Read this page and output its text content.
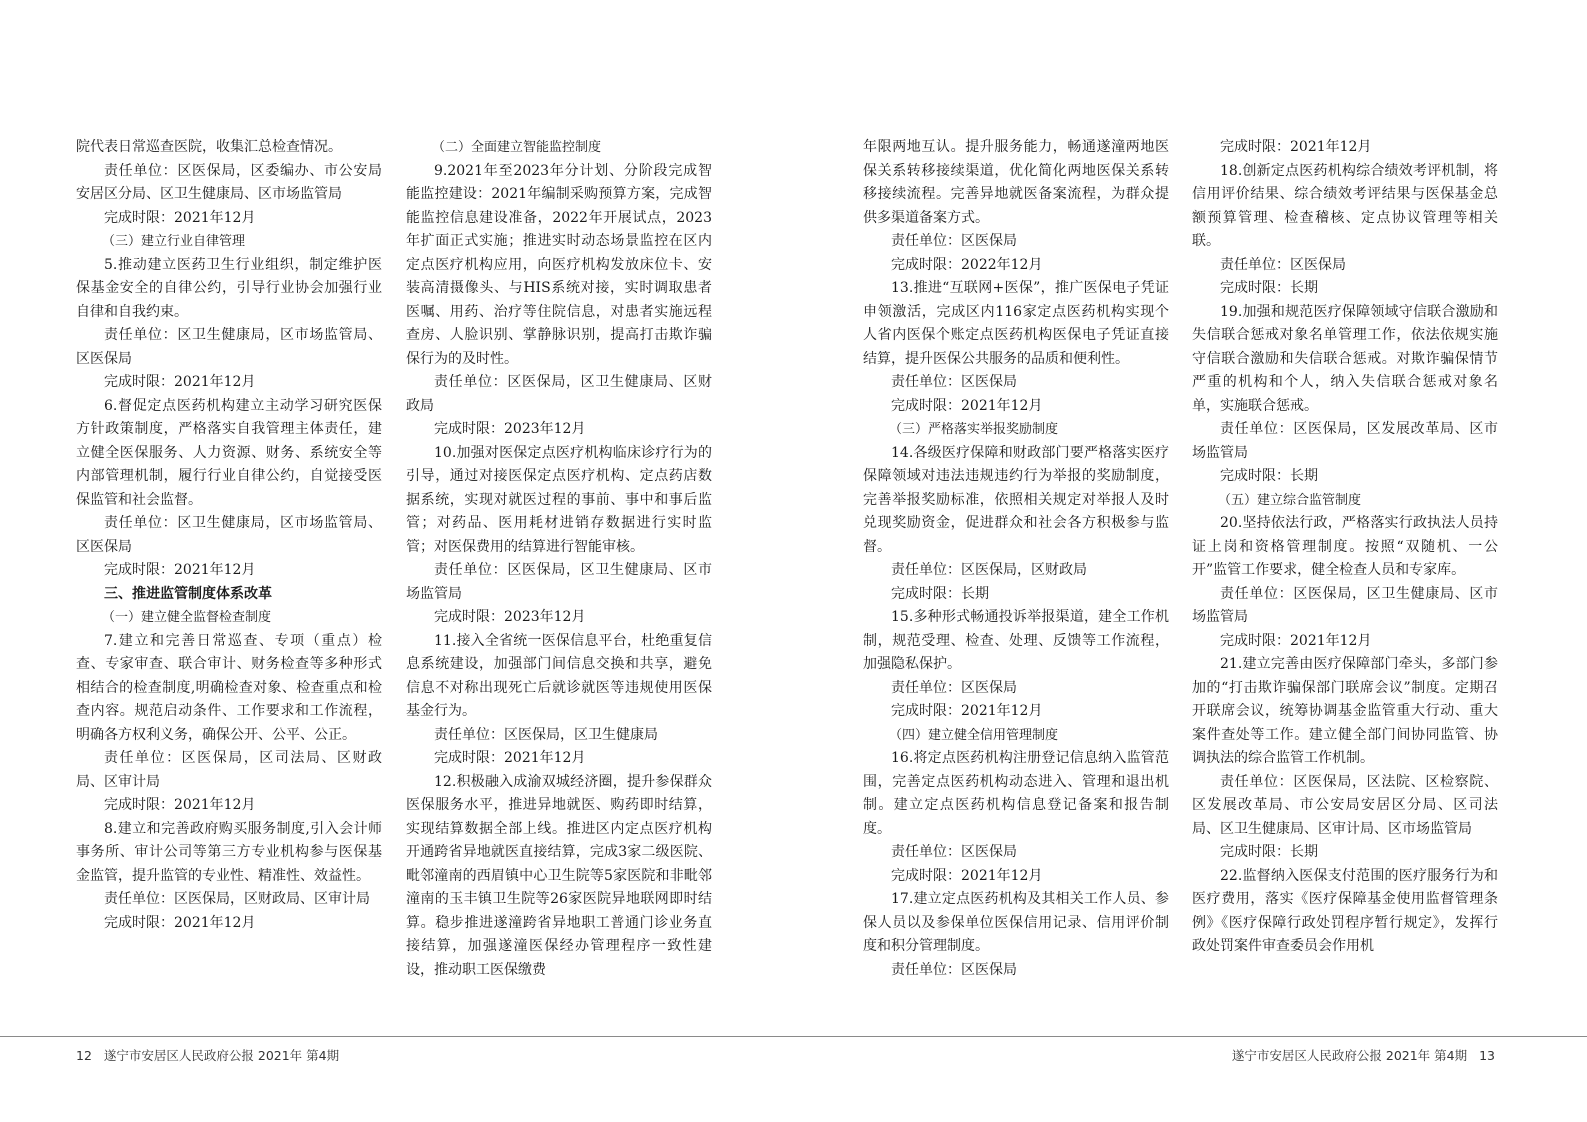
院代表日常巡查医院，收集汇总检查情况。

责任单位：区医保局，区委编办、市公安局安居区分局、区卫生健康局、区市场监管局

完成时限：2021年12月

（三）建立行业自律管理

5.推动建立医药卫生行业组织，制定维护医保基金安全的自律公约，引导行业协会加强行业自律和自我约束。

责任单位：区卫生健康局，区市场监管局、区医保局

完成时限：2021年12月

6.督促定点医药机构建立主动学习研究医保方针政策制度，严格落实自我管理主体责任，建立健全医保服务、人力资源、财务、系统安全等内部管理机制，履行行业自律公约，自觉接受医保监管和社会监督。

责任单位：区卫生健康局，区市场监管局、区医保局

完成时限：2021年12月

三、推进监管制度体系改革

（一）建立健全监督检查制度

7.建立和完善日常巡查、专项（重点）检查、专家审查、联合审计、财务检查等多种形式相结合的检查制度,明确检查对象、检查重点和检查内容。规范启动条件、工作要求和工作流程，明确各方权利义务，确保公开、公平、公正。

责任单位：区医保局，区司法局、区财政局、区审计局

完成时限：2021年12月

8.建立和完善政府购买服务制度,引入会计师事务所、审计公司等第三方专业机构参与医保基金监管，提升监管的专业性、精准性、效益性。

责任单位：区医保局，区财政局、区审计局

完成时限：2021年12月

（二）全面建立智能监控制度

9.2021年至2023年分计划、分阶段完成智能监控建设：2021年编制采购预算方案，完成智能监控信息建设准备，2022年开展试点，2023年扩面正式实施；推进实时动态场景监控在区内定点医疗机构应用，向医疗机构发放床位卡、安装高清摄像头、与HIS系统对接，实时调取患者医嘱、用药、治疗等住院信息，对患者实施远程查房、人脸识别、掌静脉识别，提高打击欺诈骗保行为的及时性。

责任单位：区医保局，区卫生健康局、区财政局

完成时限：2023年12月

10.加强对医保定点医疗机构临床诊疗行为的引导，通过对接医保定点医疗机构、定点药店数据系统，实现对就医过程的事前、事中和事后监管；对药品、医用耗材进销存数据进行实时监管；对医保费用的结算进行智能审核。

责任单位：区医保局，区卫生健康局、区市场监管局

完成时限：2023年12月

11.接入全省统一医保信息平台，杜绝重复信息系统建设，加强部门间信息交换和共享，避免信息不对称出现死亡后就诊就医等违规使用医保基金行为。

责任单位：区医保局，区卫生健康局

完成时限：2021年12月

12.积极融入成渝双城经济圈，提升参保群众医保服务水平，推进异地就医、购药即时结算，实现结算数据全部上线。推进区内定点医疗机构开通跨省异地就医直接结算，完成3家二级医院、毗邻潼南的西眉镇中心卫生院等5家医院和非毗邻潼南的玉丰镇卫生院等26家医院异地联网即时结算。稳步推进遂潼跨省异地职工普通门诊业务直接结算，加强遂潼医保经办管理程序一致性建设，推动职工医保缴费

年限两地互认。提升服务能力，畅通遂潼两地医保关系转移接续渠道，优化简化两地医保关系转移接续流程。完善异地就医备案流程，为群众提供多渠道备案方式。

责任单位：区医保局

完成时限：2022年12月

13.推进“互联网+医保”，推广医保电子凭证申领激活，完成区内116家定点医药机构实现个人省内医保个账定点医药机构医保电子凭证直接结算，提升医保公共服务的品质和便利性。

责任单位：区医保局

完成时限：2021年12月

（三）严格落实举报奖励制度

14.各级医疗保障和财政部门要严格落实医疗保障领域对违法违规违约行为举报的奖励制度，完善举报奖励标准，依照相关规定对举报人及时兑现奖励资金，促进群众和社会各方积极参与监督。

责任单位：区医保局，区财政局

完成时限：长期

15.多种形式畅通投诉举报渠道，建全工作机制，规范受理、检查、处理、反馈等工作流程，加强隐私保护。

责任单位：区医保局

完成时限：2021年12月

（四）建立健全信用管理制度

16.将定点医药机构注册登记信息纳入监管范围，完善定点医药机构动态进入、管理和退出机制。建立定点医药机构信息登记备案和报告制度。

责任单位：区医保局

完成时限：2021年12月

17.建立定点医药机构及其相关工作人员、参保人员以及参保单位医保信用记录、信用评价制度和积分管理制度。

责任单位：区医保局

完成时限：2021年12月

18.创新定点医药机构综合绩效考评机制，将信用评价结果、综合绩效考评结果与医保基金总额预算管理、检查稽核、定点协议管理等相关联。

责任单位：区医保局

完成时限：长期

19.加强和规范医疗保障领域守信联合激励和失信联合惩戒对象名单管理工作，依法依规实施守信联合激励和失信联合惩戒。对欺诈骗保情节严重的机构和个人，纳入失信联合惩戒对象名单，实施联合惩戒。

责任单位：区医保局，区发展改革局、区市场监管局

完成时限：长期

（五）建立综合监管制度

20.坚持依法行政，严格落实行政执法人员持证上岗和资格管理制度。按照“双随机、一公开”监管工作要求，健全检查人员和专家库。

责任单位：区医保局，区卫生健康局、区市场监管局

完成时限：2021年12月

21.建立完善由医疗保障部门牵头，多部门参加的“打击欺诈骗保部门联席会议”制度。定期召开联席会议，统筹协调基金监管重大行动、重大案件查处等工作。建立健全部门间协同监管、协调执法的综合监管工作机制。

责任单位：区医保局，区法院、区检察院、区发展改革局、市公安局安居区分局、区司法局、区卫生健康局、区审计局、区市场监管局

完成时限：长期

22.监督纳入医保支付范围的医疗服务行为和医疗费用，落实《医疗保障基金使用监督管理条例》《医疗保障行政处罚程序暂行规定》，发挥行政处罚案件审查委员会作用机

12 遂宁市安居区人民政府公报 2021年 第4期	遂宁市安居区人民政府公报 2021年 第4期 13
